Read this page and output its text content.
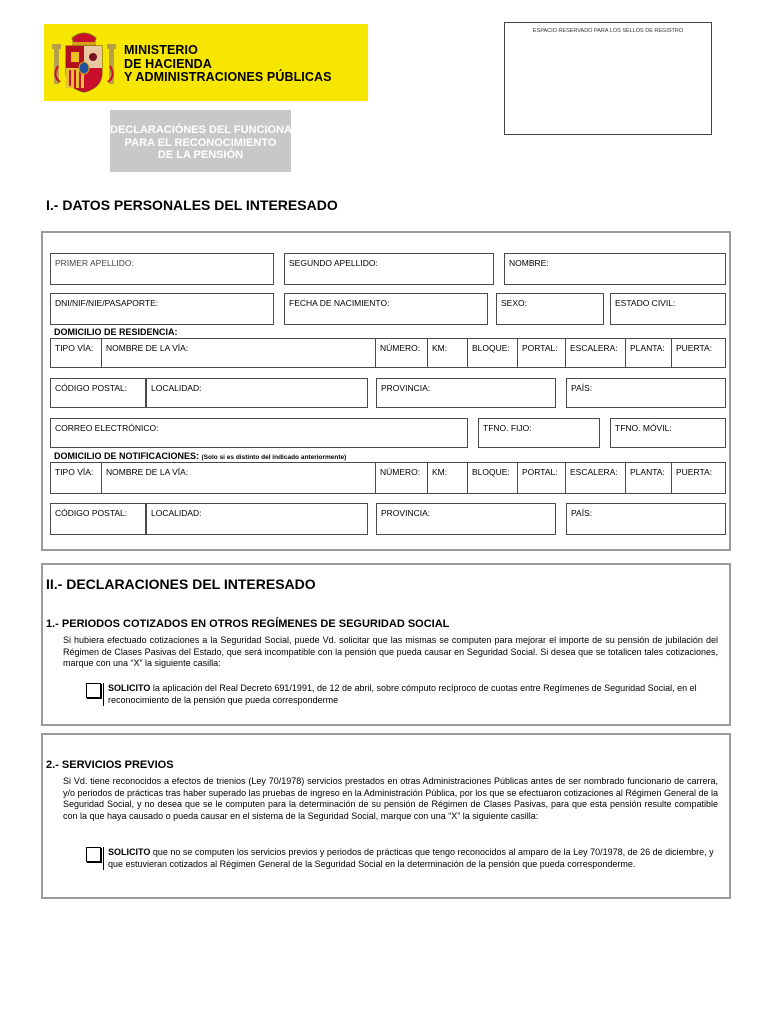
MINISTERIO
DE HACIENDA
Y ADMINISTRACIONES PÚBLICAS
DECLARACIÓNES DEL FUNCIONARIO
PARA EL RECONOCIMIENTO
DE LA PENSIÓN
ESPACIO RESERVADO PARA LOS SELLOS DE REGISTRO
I.- DATOS PERSONALES DEL INTERESADO
PRIMER APELLIDO:	SEGUNDO APELLIDO:	NOMBRE:
DNI/NIF/NIE/PASAPORTE:	FECHA DE NACIMIENTO:	SEXO:	ESTADO CIVIL:
DOMICILIO DE RESIDENCIA:
TIPO VÍA:	NOMBRE DE LA VÍA:	NÚMERO:	KM:	BLOQUE:	PORTAL:	ESCALERA:	PLANTA:	PUERTA:
CÓDIGO POSTAL:	LOCALIDAD:	PROVINCIA:	PAÍS:
CORREO ELECTRÓNICO:	TFNO. FIJO:	TFNO. MÓVIL:
DOMICILIO DE NOTIFICACIONES: (Solo si es distinto del indicado anteriormente)
TIPO VÍA:	NOMBRE DE LA VÍA:	NÚMERO:	KM:	BLOQUE:	PORTAL:	ESCALERA:	PLANTA:	PUERTA:
CÓDIGO POSTAL:	LOCALIDAD:	PROVINCIA:	PAÍS:
II.- DECLARACIONES DEL INTERESADO
1.- PERIODOS COTIZADOS EN OTROS REGÍMENES DE SEGURIDAD SOCIAL
Si hubiera efectuado cotizaciones a la Seguridad Social, puede Vd. solicitar que las mismas se computen para mejorar el importe de su pensión de jubilación del Régimen de Clases Pasivas del Estado, que será incompatible con la pensión que pueda causar en Seguridad Social. Si desea que se totalicen tales cotizaciones, marque con una “X” la siguiente casilla:
SOLICITO la aplicación del Real Decreto 691/1991, de 12 de abril, sobre cómputo recíproco de cuotas entre Regímenes de Seguridad Social, en el reconocimiento de la pensión que pueda corresponderme
2.- SERVICIOS PREVIOS
Si Vd. tiene reconocidos a efectos de trienios (Ley 70/1978) servicios prestados en otras Administraciones Públicas antes de ser nombrado funcionario de carrera, y/o periodos de prácticas tras haber superado las pruebas de ingreso en la Administración Pública, por los que se efectuaron cotizaciones al Régimen General de la Seguridad Social, y no desea que se le computen para la determinación de su pensión de Régimen de Clases Pasivas, para que esta pensión resulte compatible con la que haya causado o pueda causar en el sistema de la Seguridad Social, marque con una “X” la siguiente casilla:
SOLICITO que no se computen los servicios previos y periodos de prácticas que tengo reconocidos al amparo de la Ley 70/1978, de 26 de diciembre, y que estuvieran cotizados al Régimen General de la Seguridad Social en la determinación de la pensión que pueda corresponderme.
